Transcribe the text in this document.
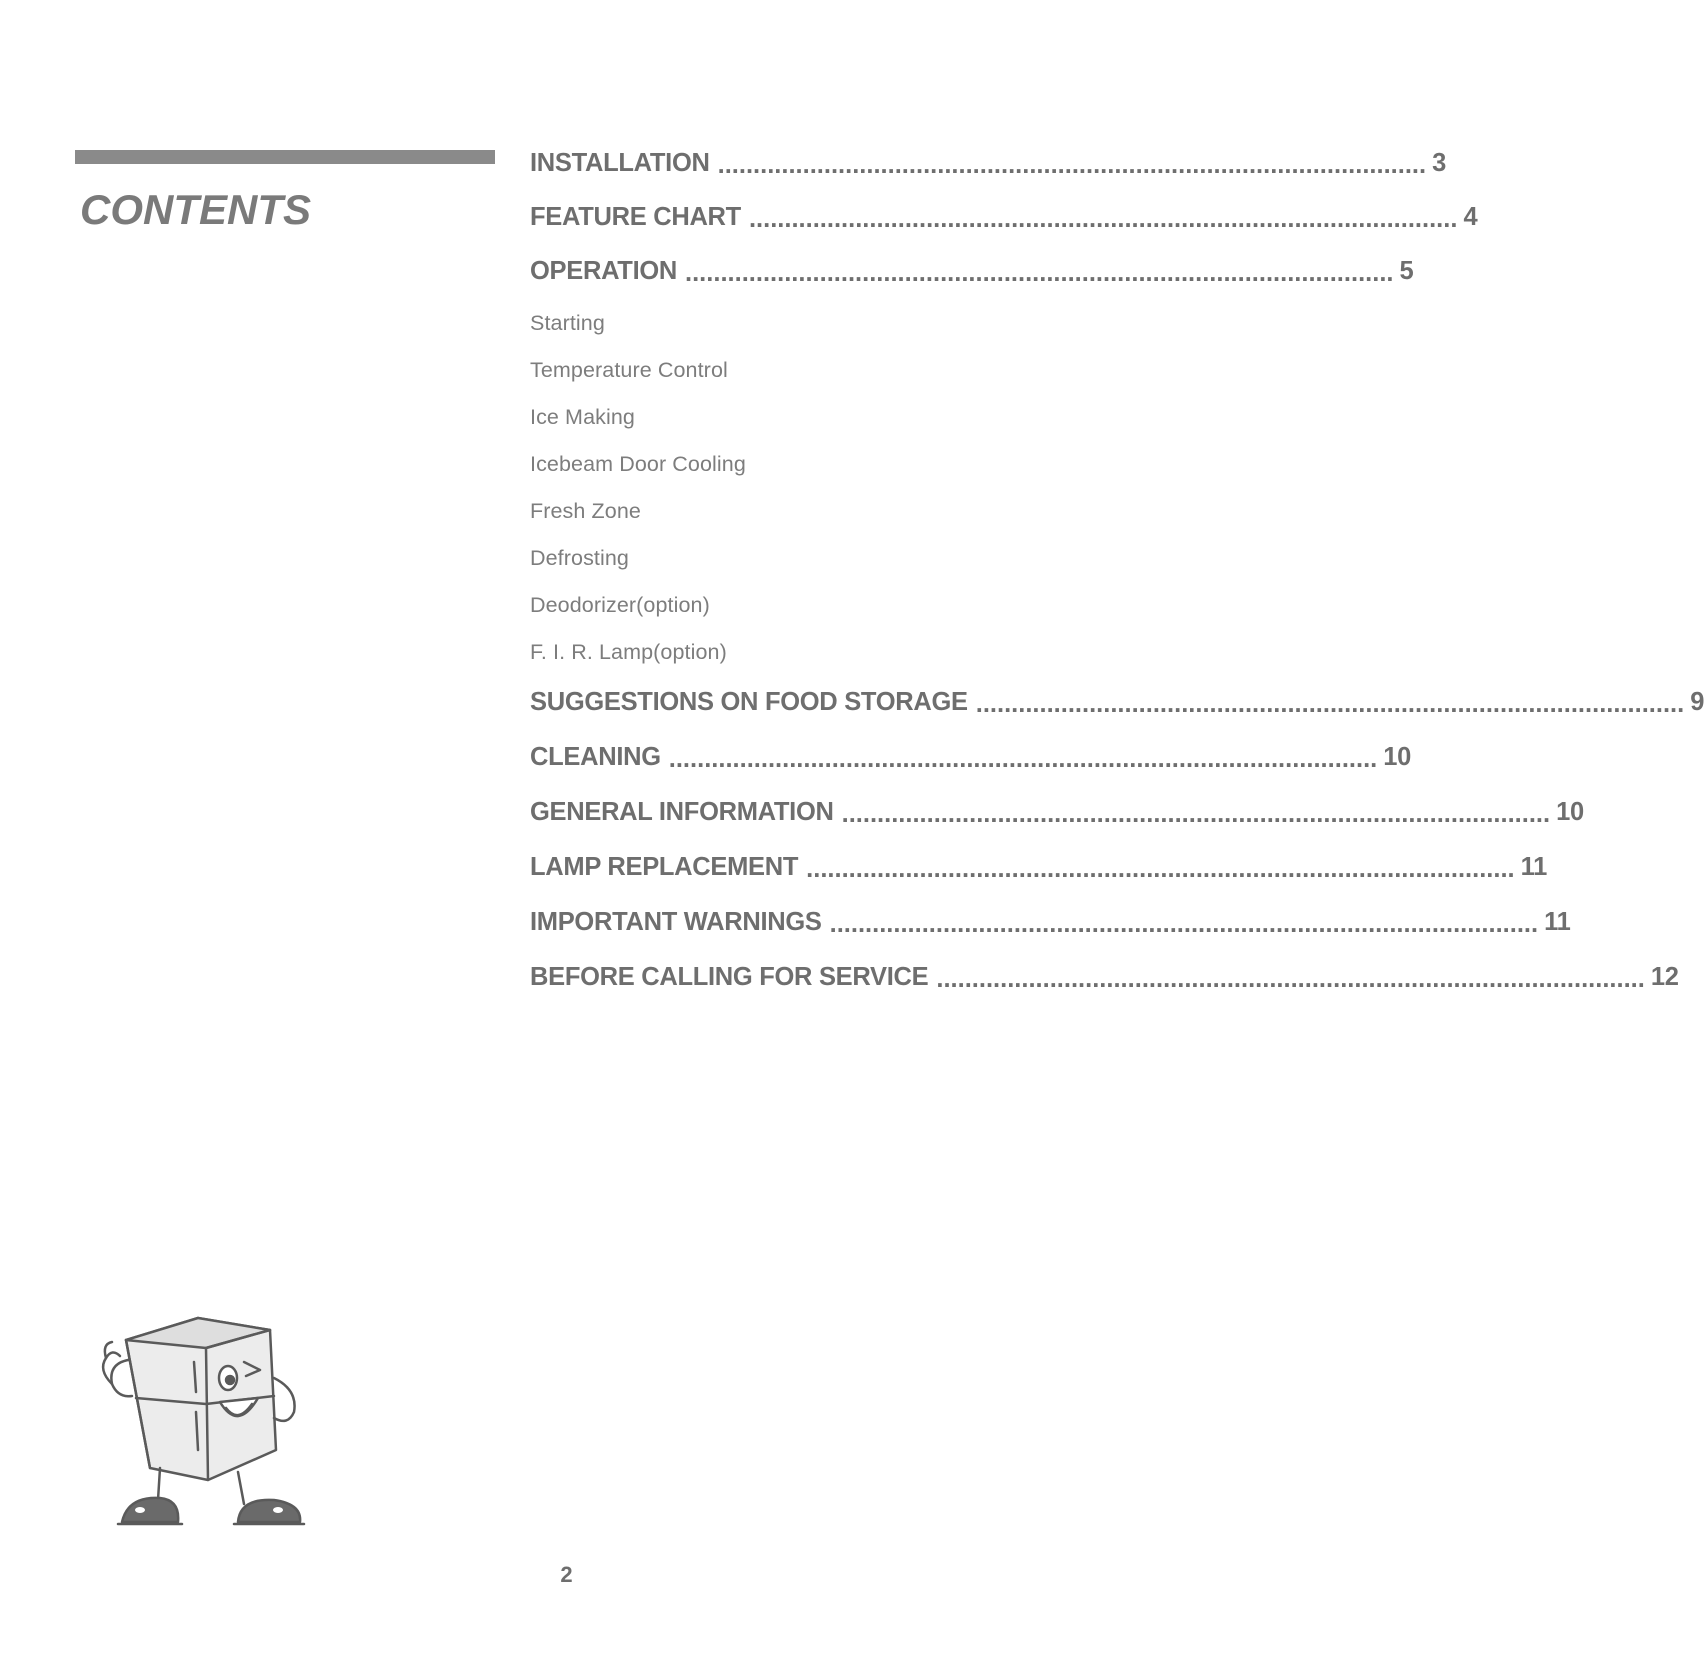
CONTENTS
INSTALLATION .................................................................................................... 3
FEATURE CHART .................................................................................................... 4
OPERATION .................................................................................................... 5
Starting
Temperature Control
Ice Making
Icebeam Door Cooling
Fresh Zone
Defrosting
Deodorizer(option)
F. I. R. Lamp(option)
SUGGESTIONS ON FOOD STORAGE .................................................................................................... 9
CLEANING .................................................................................................... 10
GENERAL INFORMATION .................................................................................................... 10
LAMP REPLACEMENT .................................................................................................... 11
IMPORTANT WARNINGS .................................................................................................... 11
BEFORE CALLING FOR SERVICE .................................................................................................... 12
2
